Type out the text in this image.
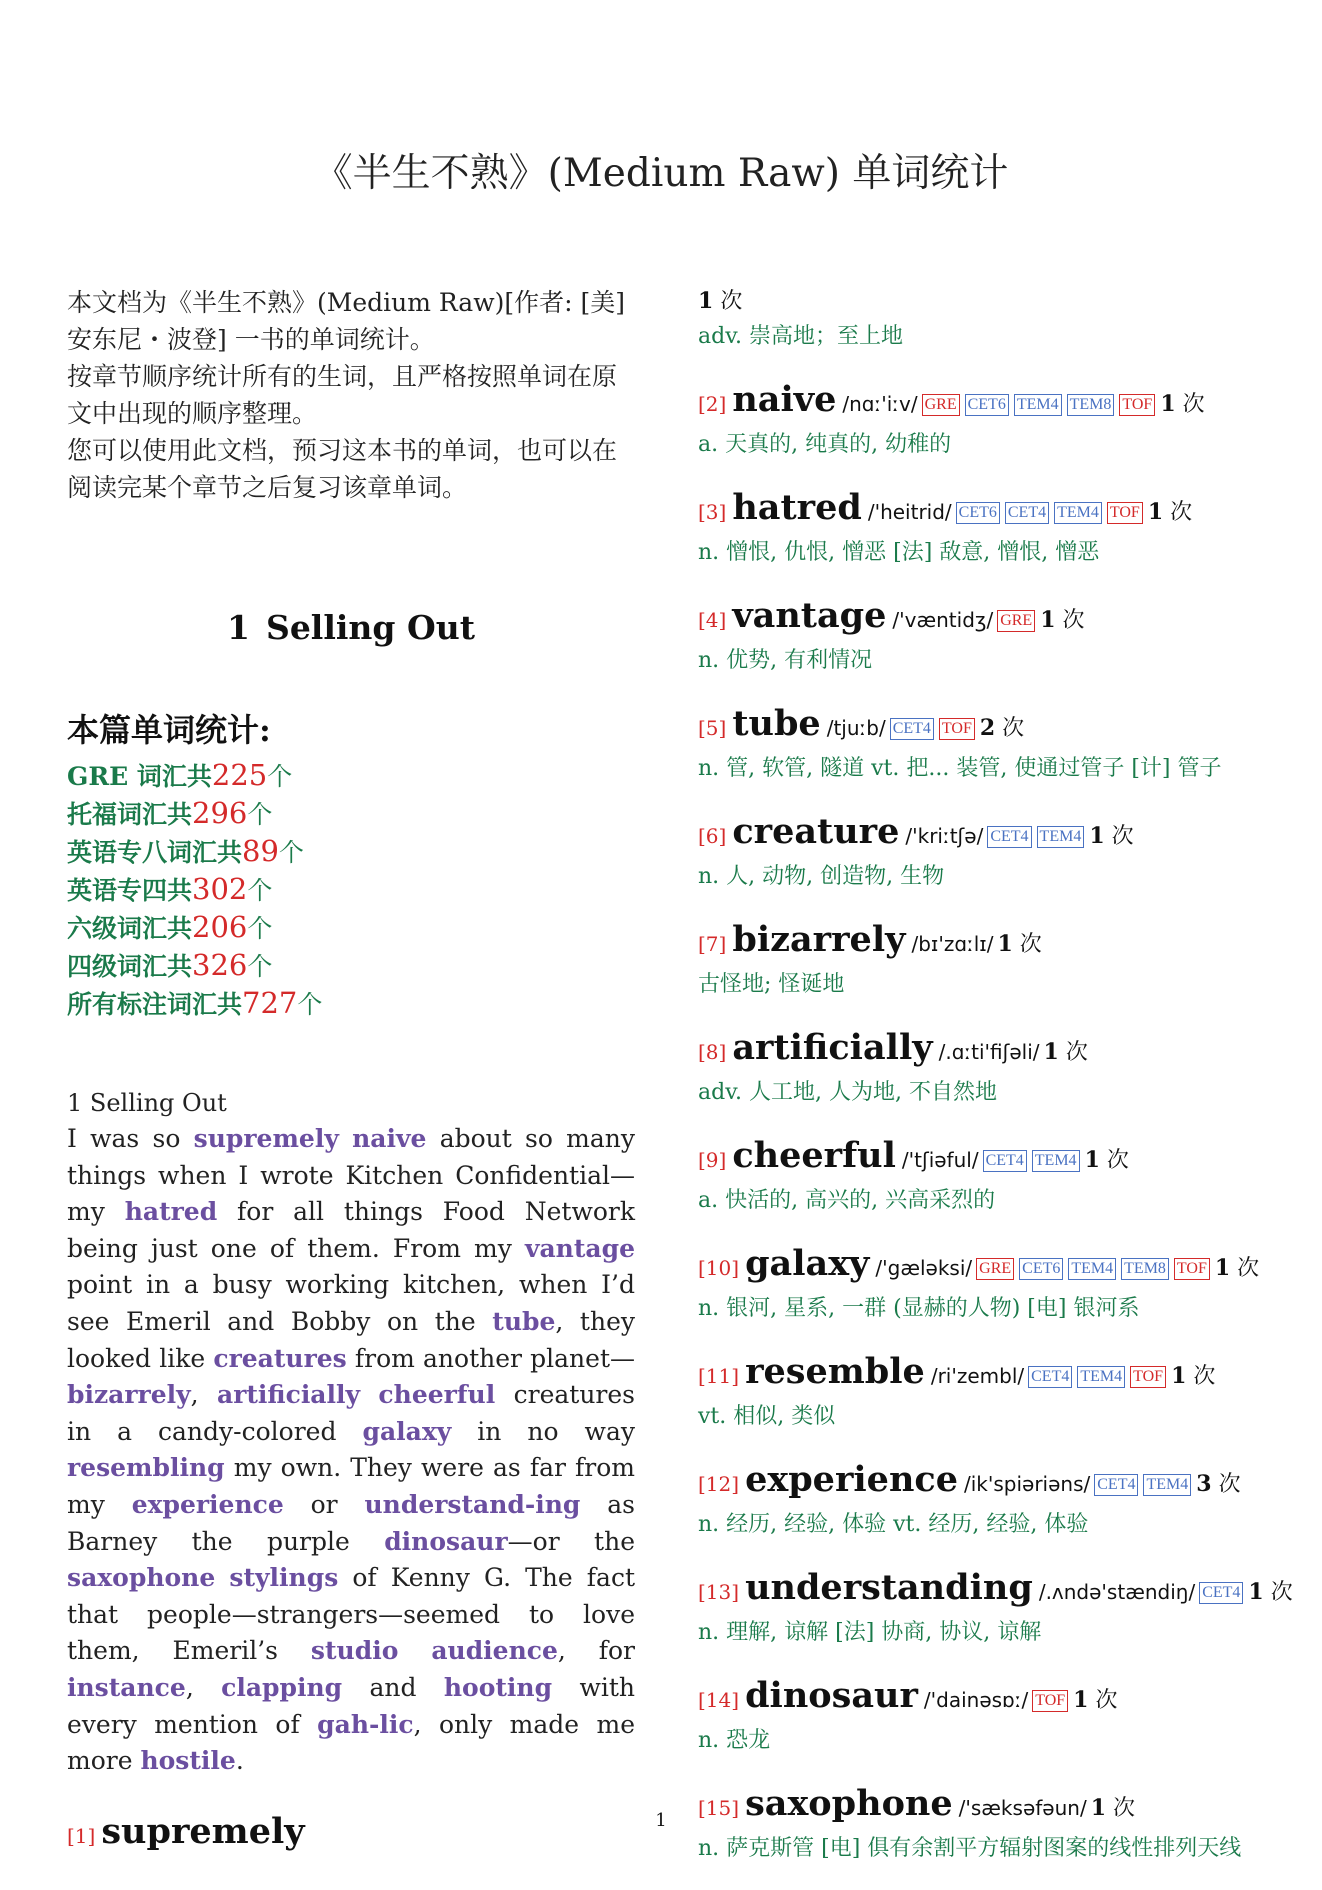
《半生不熟》(Medium Raw) 单词统计

本文档为《半生不熟》(Medium Raw)[作者: [美] 安东尼・波登] 一书的单词统计。

按章节顺序统计所有的生词，且严格按照单词在原文中出现的顺序整理。

您可以使用此文档，预习这本书的单词，也可以在阅读完某个章节之后复习该章单词。

1 Selling Out
本篇单词统计:
GRE 词汇共225个
托福词汇共296个
英语专八词汇共89个
英语专四共302个
六级词汇共206个
四级词汇共326个
所有标注词汇共727个
1 Selling Out

I was so supremely naive about so many things when I wrote Kitchen Confidential—my hatred for all things Food Network being just one of them. From my vantage point in a busy working kitchen, when I’d see Emeril and Bobby on the tube, they looked like creatures from another planet—bizarrely, artificially cheerful creatures in a candy-colored galaxy in no way resembling my own. They were as far from my experience or understand-ing as Barney the purple dinosaur—or the saxophone stylings of Kenny G. The fact that people—strangers—seemed to love them, Emeril’s studio audience, for instance, clapping and hooting with every mention of gah-lic, only made me more hostile.

[1] supremely
1 次
adv. 崇高地；至上地
[2] naive /nɑː'iːv/ GRE CET6 TEM4 TEM8 TOF 1 次
a. 天真的, 纯真的, 幼稚的
[3] hatred /'heitrid/ CET6 CET4 TEM4 TOF 1 次
n. 憎恨, 仇恨, 憎恶 [法] 敌意, 憎恨, 憎恶
[4] vantage /'væntidʒ/ GRE 1 次
n. 优势, 有利情况
[5] tube /tjuːb/ CET4 TOF 2 次
n. 管, 软管, 隧道 vt. 把... 装管, 使通过管子 [计] 管子
[6] creature /'kriːtʃə/ CET4 TEM4 1 次
n. 人, 动物, 创造物, 生物
[7] bizarrely /bɪ'zɑːlɪ/ 1 次
古怪地; 怪诞地
[8] artificially /.ɑːti'fiʃəli/ 1 次
adv. 人工地, 人为地, 不自然地
[9] cheerful /'tʃiəful/ CET4 TEM4 1 次
a. 快活的, 高兴的, 兴高采烈的
[10] galaxy /'gæləksi/ GRE CET6 TEM4 TEM8 TOF 1 次
n. 银河, 星系, 一群 (显赫的人物) [电] 银河系
[11] resemble /ri'zembl/ CET4 TEM4 TOF 1 次
vt. 相似, 类似
[12] experience /ik'spiəriəns/ CET4 TEM4 3 次
n. 经历, 经验, 体验 vt. 经历, 经验, 体验
[13] understanding /.ʌndə'stændiŋ/ CET4 1 次
n. 理解, 谅解 [法] 协商, 协议, 谅解
[14] dinosaur /'dainəsɒː/ TOF 1 次
n. 恐龙
[15] saxophone /'sæksəfəun/ 1 次
n. 萨克斯管 [电] 俱有余割平方辐射图案的线性排列天线
1
